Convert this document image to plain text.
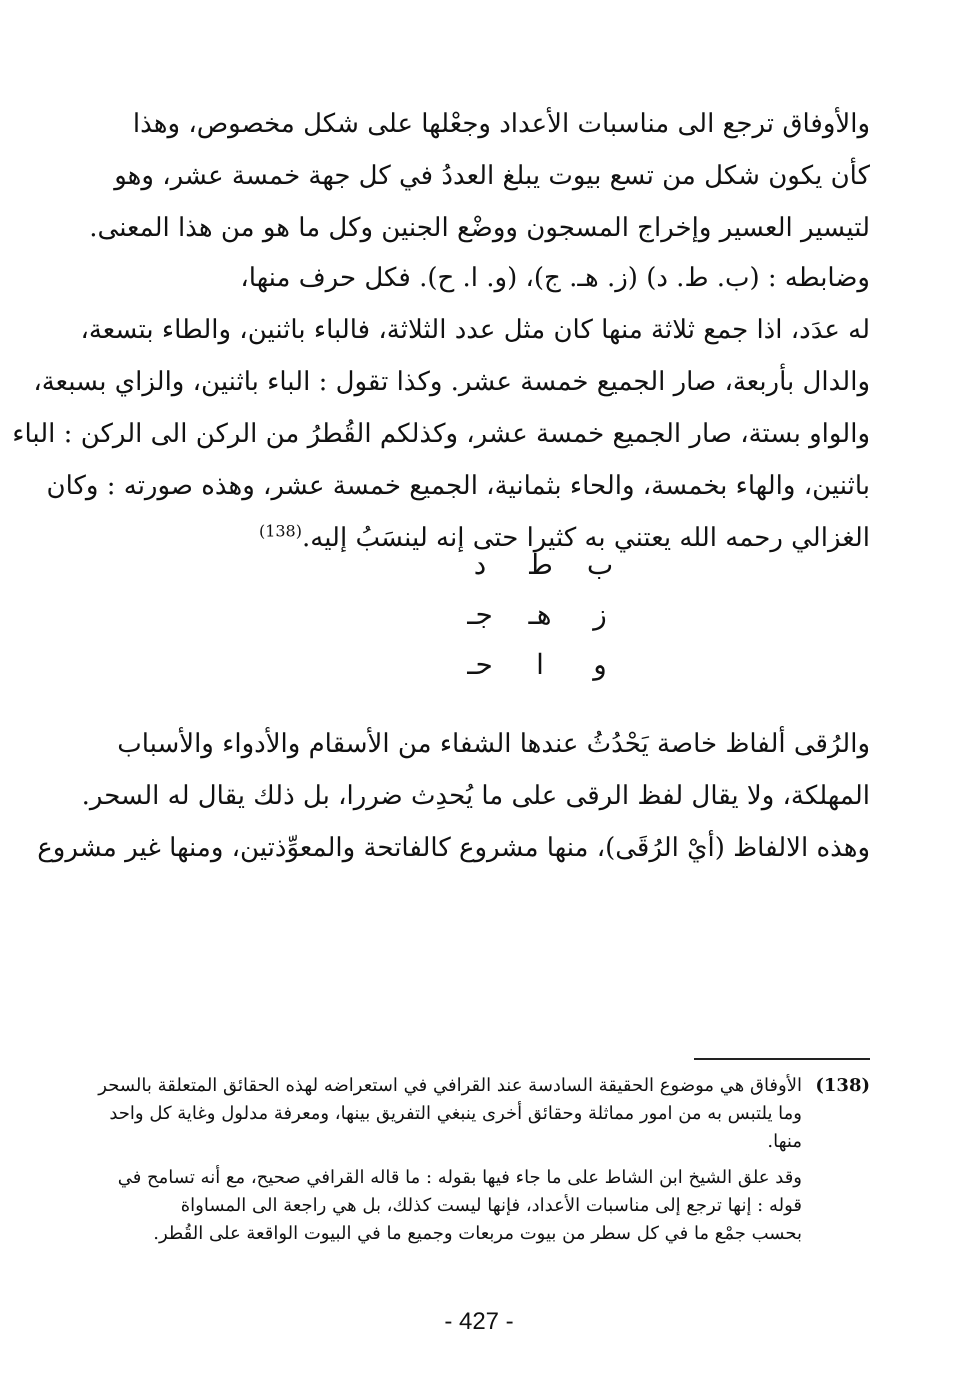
والأوفاق ترجع الى مناسبات الأعداد وجعْلها على شكل مخصوص، وهذا
كأن يكون شكل من تسع بيوت يبلغ العددُ في كل جهة خمسة عشر، وهو
لتيسير العسير وإخراج المسجون ووضْع الجنين وكل ما هو من هذا المعنى.
وضابطه : (ب. ط. د) (ز. هـ. ج)، (و. ا. ح). فكل حرف منها،
له عدَد، اذا جمع ثلاثة منها كان مثل عدد الثلاثة، فالباء باثنين، والطاء بتسعة،
والدال بأربعة، صار الجميع خمسة عشر. وكذا تقول : الباء باثنين، والزاي بسبعة،
والواو بستة، صار الجميع خمسة عشر، وكذلكم القُطرُ من الركن الى الركن : الباء
باثنين، والهاء بخمسة، والحاء بثمانية، الجميع خمسة عشر، وهذه صورته : وكان
الغزالي رحمه الله يعتني به كثيرا حتى إنه لينسَبُ إليه.$^{(138)}$
ب
ط
د
ز
هـ
جـ
و
ا
حـ
والرُقى ألفاظ خاصة يَحْدُثُ عندها الشفاء من الأسقام والأدواء والأسباب
المهلكة، ولا يقال لفظ الرقى على ما يُحدِث ضررا، بل ذلك يقال له السحر.
وهذه الالفاظ (أيْ الرُقَى)، منها مشروع كالفاتحة والمعوِّذتين، ومنها غير مشروع
(138)
الأوفاق هي موضوع الحقيقة السادسة عند القرافي في استعراضه لهذه الحقائق المتعلقة بالسحر
وما يلتبس به من امور مماثلة وحقائق أخرى ينبغي التفريق بينها، ومعرفة مدلول وغاية كل واحد
منها.
وقد علق الشيخ ابن الشاط على ما جاء فيها بقوله : ما قاله القرافي صحيح، مع أنه تسامح في
قوله : إنها ترجع إلى مناسبات الأعداد، فإنها ليست كذلك، بل هي راجعة الى المساواة
بحسب جمْع ما في كل سطر من بيوت مربعات وجميع ما في البيوت الواقعة على القُطر.
- 427 -
